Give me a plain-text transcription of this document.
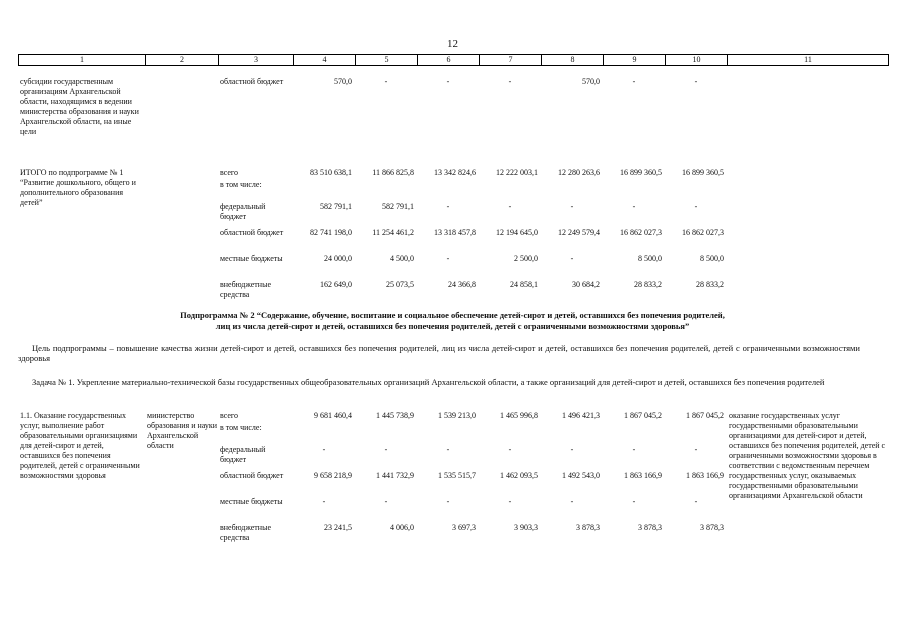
12
1	2	3	4	5	6	7	8	9	10	11
субсидии государственным организациям Архангельской области, находящимся в ведении министерства образования и науки Архангельской области, на иные цели		областной бюджет	570,0	-	-	-	570,0	-	-	
ИТОГО по подпрограмме № 1 “Развитие дошкольного, общего и дополнительного образования детей”		всего	83 510 638,1	11 866 825,8	13 342 824,6	12 222 003,1	12 280 263,6	16 899 360,5	16 899 360,5	
		в том числе:								
		федеральный бюджет	582 791,1	582 791,1	-	-	-	-	-	
		областной бюджет	82 741 198,0	11 254 461,2	13 318 457,8	12 194 645,0	12 249 579,4	16 862 027,3	16 862 027,3	
		местные бюджеты	24 000,0	4 500,0	-	2 500,0	-	8 500,0	8 500,0	
		внебюджетные средства	162 649,0	25 073,5	24 366,8	24 858,1	30 684,2	28 833,2	28 833,2	
Подпрограмма № 2 “Содержание, обучение, воспитание и социальное обеспечение детей-сирот и детей, оставшихся без попечения родителей,
лиц из числа детей-сирот и детей, оставшихся без попечения родителей, детей с ограниченными возможностями здоровья”
Цель подпрограммы – повышение качества жизни детей-сирот и детей, оставшихся без попечения родителей, лиц из числа детей-сирот и детей, оставшихся без попечения родителей, детей с ограниченными возможностями здоровья
Задача № 1. Укрепление материально-технической базы государственных общеобразовательных организаций Архангельской области, а также организаций для детей-сирот и детей, оставшихся без попечения родителей
1.1. Оказание государственных услуг, выполнение работ образовательными организациями для детей-сирот и детей, оставшихся без попечения родителей, детей с ограниченными возможностями здоровья	министерство образования и науки Архангельской области	всего	9 681 460,4	1 445 738,9	1 539 213,0	1 465 996,8	1 496 421,3	1 867 045,2	1 867 045,2	оказание государственных услуг государственными образовательными организациями для детей-сирот и детей, оставшихся без попечения родителей, детей с ограниченными возможностями здоровья в соответствии с ведомственным перечнем государственных услуг, оказываемых государственными образовательными организациями Архангельской области
		в том числе:								
		федеральный бюджет	-	-	-	-	-	-	-	
		областной бюджет	9 658 218,9	1 441 732,9	1 535 515,7	1 462 093,5	1 492 543,0	1 863 166,9	1 863 166,9	
		местные бюджеты	-	-	-	-	-	-	-	
		внебюджетные средства	23 241,5	4 006,0	3 697,3	3 903,3	3 878,3	3 878,3	3 878,3	
